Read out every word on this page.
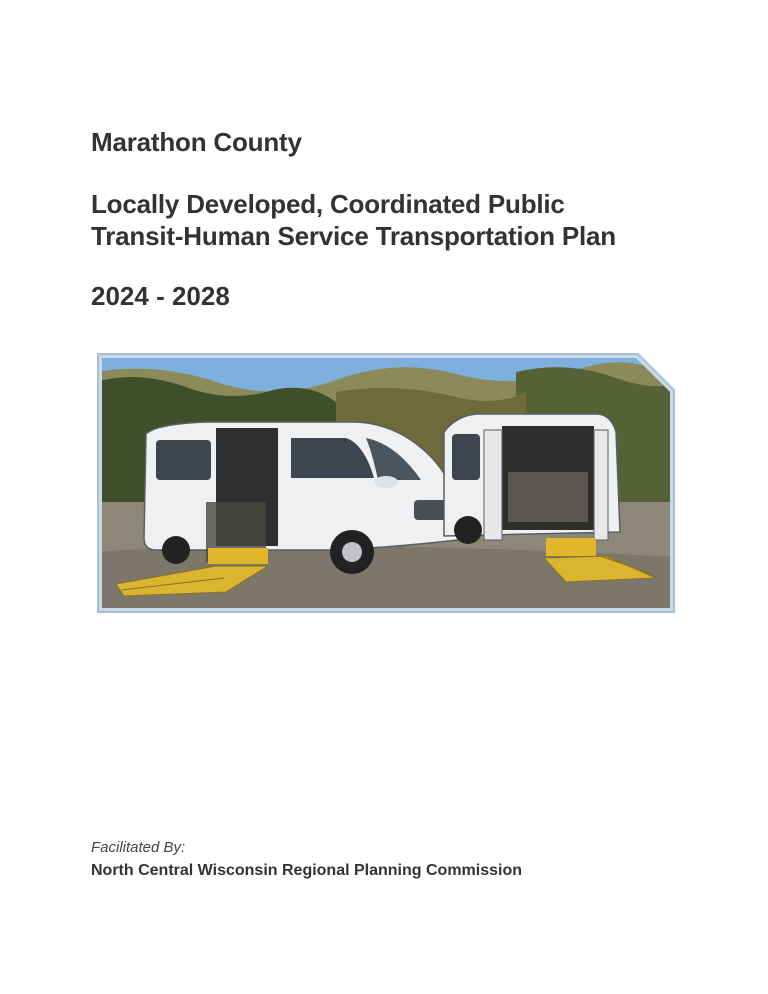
Marathon County
Locally Developed, Coordinated Public
Transit-Human Service Transportation Plan
2024 - 2028
Facilitated By:
North Central Wisconsin Regional Planning Commission
